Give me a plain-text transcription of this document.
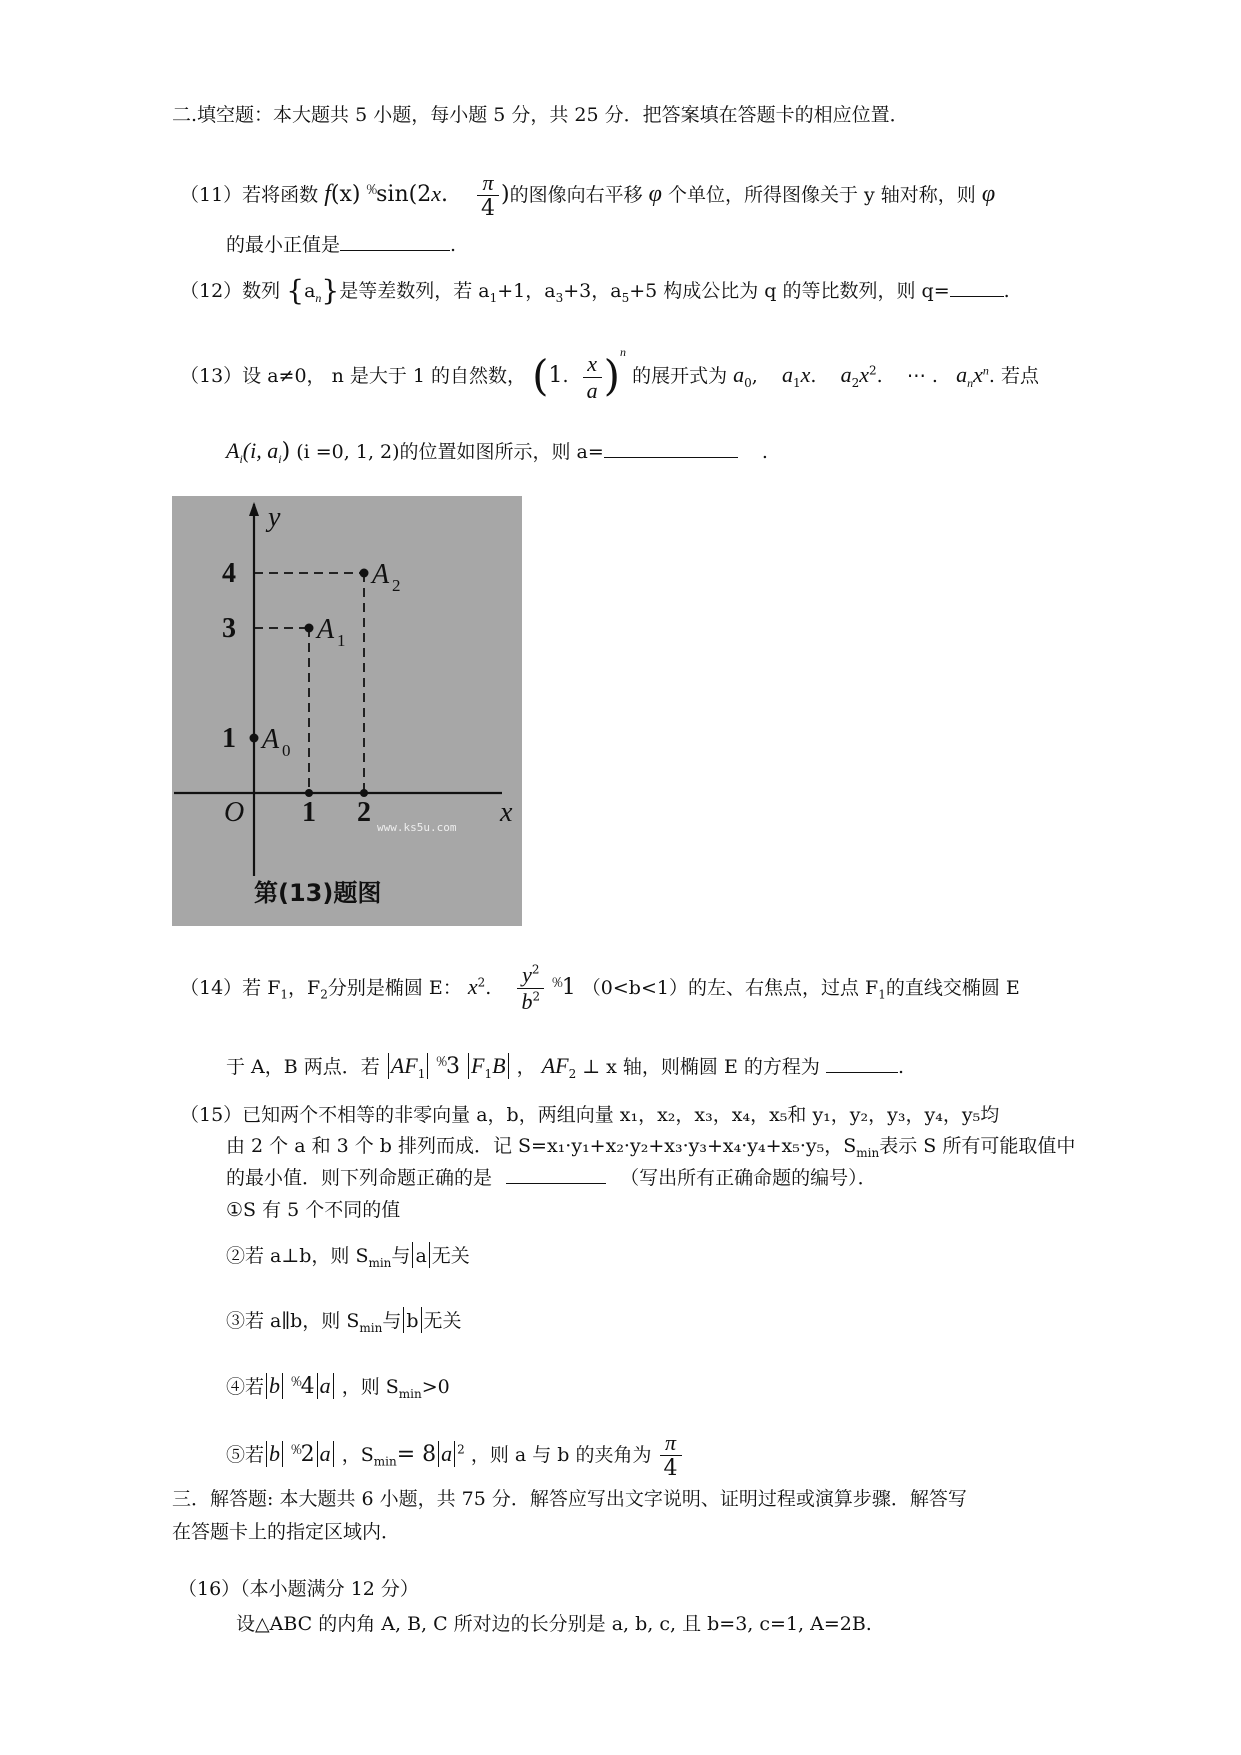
二.填空题：本大题共 5 小题，每小题 5 分，共 25 分．把答案填在答题卡的相应位置．
（11）若将函数 f(x) $^{^0⁄_0}$sin(2x. $\frac{\pi}{4}$ )的图像向右平移 φ 个单位，所得图像关于 y 轴对称，则 φ
的最小正值是	.
（12）数列 $\{a_n\}$是等差数列，若 $a_1+1$，$a_3+3$，$a_5+5$ 构成公比为 q 的等比数列，则 q=	.
（13）设 a≠0， n 是大于 1 的自然数， (1. $\frac{x}{a} )^n$ 的展开式为 $a_0$,    $a_1x$.    $a_2x^2$.    ⋯ .   $a_nx^n$. 若点
$A_i(i$, $a_i$) (i =0, 1, 2)的位置如图所示，则 a=	.
y
x
O
1
3
4
1 2
A 0
A 1
A 2
www.ks5u.com
第(13)题图
（14）若 $F_1$，$F_2$分别是椭圆 E： $x^2$. $\frac{y^2}{b^2} ^{^0⁄_0}1$ （0<b<1）的左、右焦点，过点 $F_1$的直线交椭圆 E
于 A，B 两点．若 $AF_1$ $^{^0⁄_0}$3 $F_1B$ ， $AF_2$ ⊥ x 轴，则椭圆 E 的方程为	.
（15）已知两个不相等的非零向量 a，b，两组向量 x₁，x₂，x₃，x₄，x₅和 y₁，y₂，y₃，y₄，y₅均
由 2 个 a 和 3 个 b 排列而成．记 S=x₁·y₁+x₂·y₂+x₃·y₃+x₄·y₄+x₅·y₅，$S_{min}$表示 S 所有可能取值中
的最小值．则下列命题正确的是	（写出所有正确命题的编号）．
①S 有 5 个不同的值
②若 a⊥b，则 $S_{min}$与 a 无关
③若 a∥b，则 $S_{min}$与 b 无关
④若 b $^{^0⁄_0}$4 a ，则 $S_{min}>0$
⑤若 b $^{^0⁄_0}$2 a ，$S_{min}= 8$ a $^2$ ，则 a 与 b 的夹角为 $\frac{\pi}{4}$
三．解答题: 本大题共 6 小题，共 75 分．解答应写出文字说明、证明过程或演算步骤．解答写
在答题卡上的指定区域内．
（16）（本小题满分 12 分）
设△ABC 的内角 A, B, C 所对边的长分别是 a, b, c, 且 b=3, c=1, A=2B.
